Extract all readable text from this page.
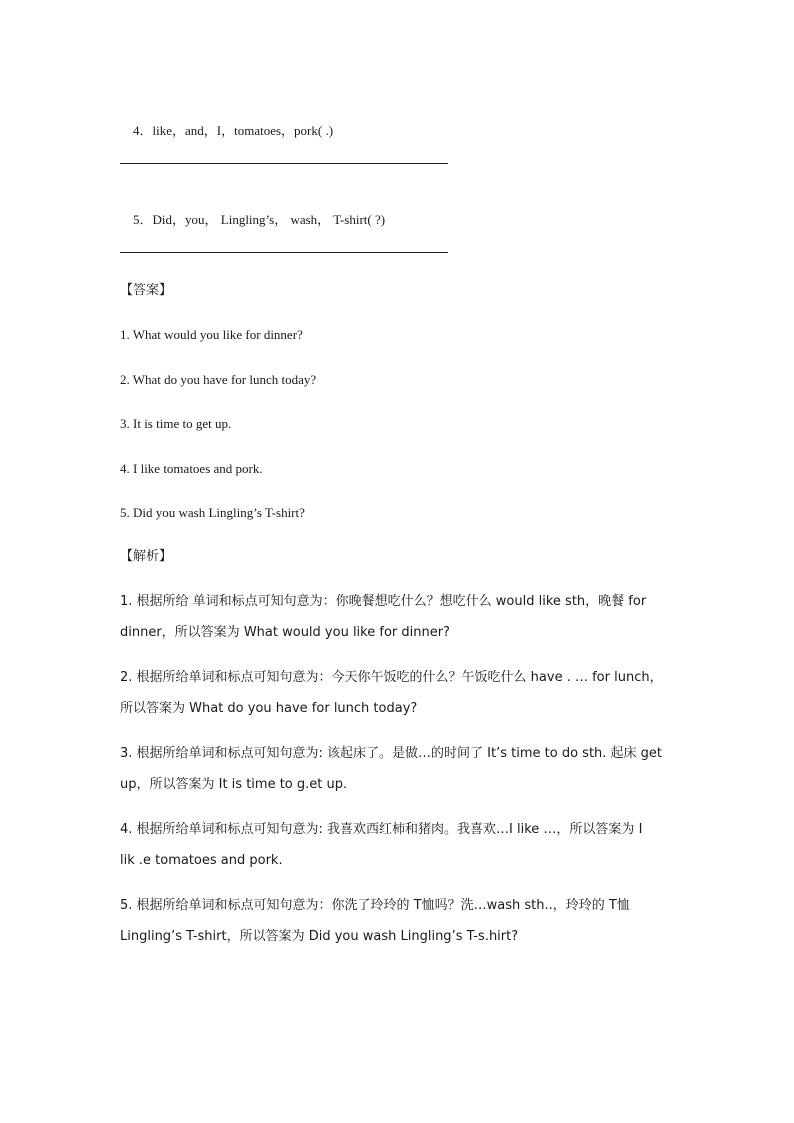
4．like，and，I，tomatoes，pork( .)

5．Did，you， Lingling’s， wash， T-shirt( ?)

【答案】
1. What would you like for dinner?
2. What do you have for lunch today?
3. It is time to get up.
4. I like tomatoes and pork.
5. Did you wash Lingling’s T-shirt?
【解析】
1. 根据所给 单词和标点可知句意为：你晚餐想吃什么？想吃什么 would like sth，晚餐 for
dinner，所以答案为 What would you like for dinner?
2. 根据所给单词和标点可知句意为：今天你午饭吃的什么？午饭吃什么 have . … for lunch，
所以答案为 What do you have for lunch today?
3. 根据所给单词和标点可知句意为: 该起床了。是做…的时间了 It’s time to do sth. 起床 get
up，所以答案为 It is time to g.et up.
4. 根据所给单词和标点可知句意为: 我喜欢西红柿和猪肉。我喜欢…I like …，所以答案为 I
lik .e tomatoes and pork.
5. 根据所给单词和标点可知句意为：你洗了玲玲的 T恤吗？洗…wash sth..，玲玲的 T恤
Lingling’s T-shirt，所以答案为 Did you wash Lingling’s T-s.hirt?
